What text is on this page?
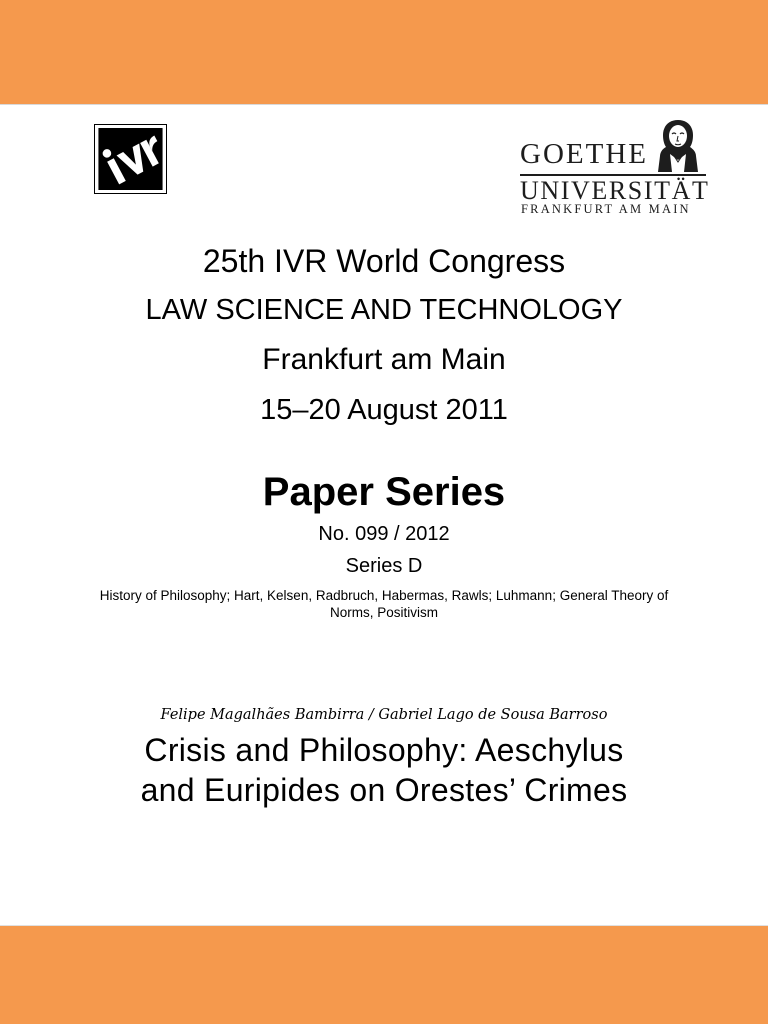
GOETHE
UNIVERSITÄT
FRANKFURT AM MAIN
25th IVR World Congress
LAW SCIENCE AND TECHNOLOGY
Frankfurt am Main
15–20 August 2011
Paper Series
No. 099 / 2012
Series D
History of Philosophy; Hart, Kelsen, Radbruch, Habermas, Rawls; Luhmann; General Theory of Norms, Positivism
Felipe Magalhães Bambirra / Gabriel Lago de Sousa Barroso
Crisis and Philosophy: Aeschylus
and Euripides on Orestes’ Crimes
